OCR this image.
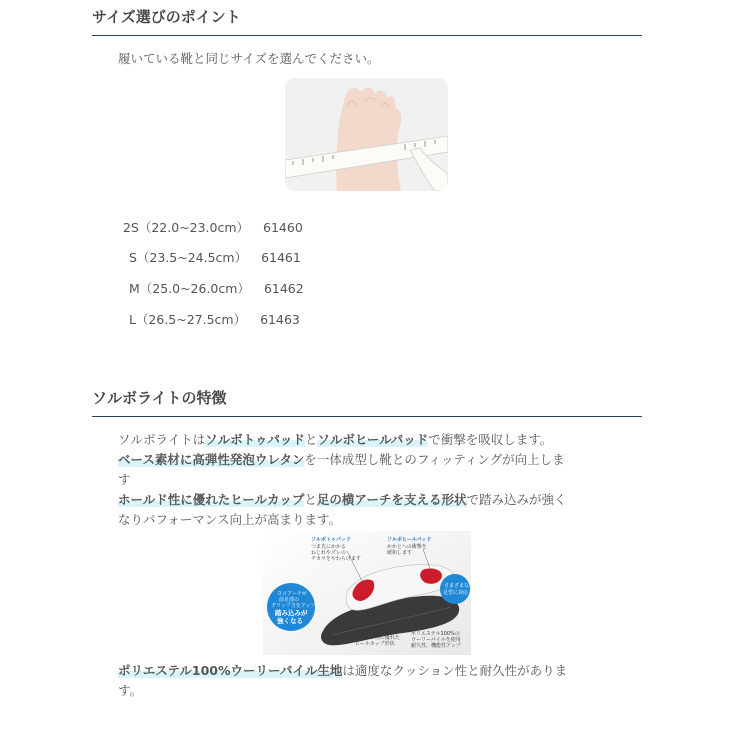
サイズ選びのポイント
履いている靴と同じサイズを選んでください。

2S（22.0~23.0cm） 61460

S（23.5~24.5cm） 61461

M（25.0~26.0cm） 61462

L（26.5~27.5cm） 61463

ソルボライトの特徴
ソルボライトはソルボトゥパッドとソルボヒールパッドで衝撃を吸収します。
ベース素材に高弾性発泡ウレタンを一体成型し靴とのフィッティングが向上しま
す
ホールド性に優れたヒールカップと足の横アーチを支える形状で踏み込みが強く
なりパフォーマンス向上が高まります。
ソルボトゥパッド
つま先にかかる
ねじれやズレの
チカラをやわらげます
ソルボヒールパッド
かかとへの衝撃を
緩和します
ヨコアーチが
前足部の
グリップ力をアップ
踏み込みが
強くなる
さまざまな
足型に対応
ホールド性に優れた
ヒールカップ形状
ポリエステル100%の
ウーリーパイルを使用
耐久性、機能性アップ
ポリエステル100%ウーリーパイル生地は適度なクッション性と耐久性がありま
す。
